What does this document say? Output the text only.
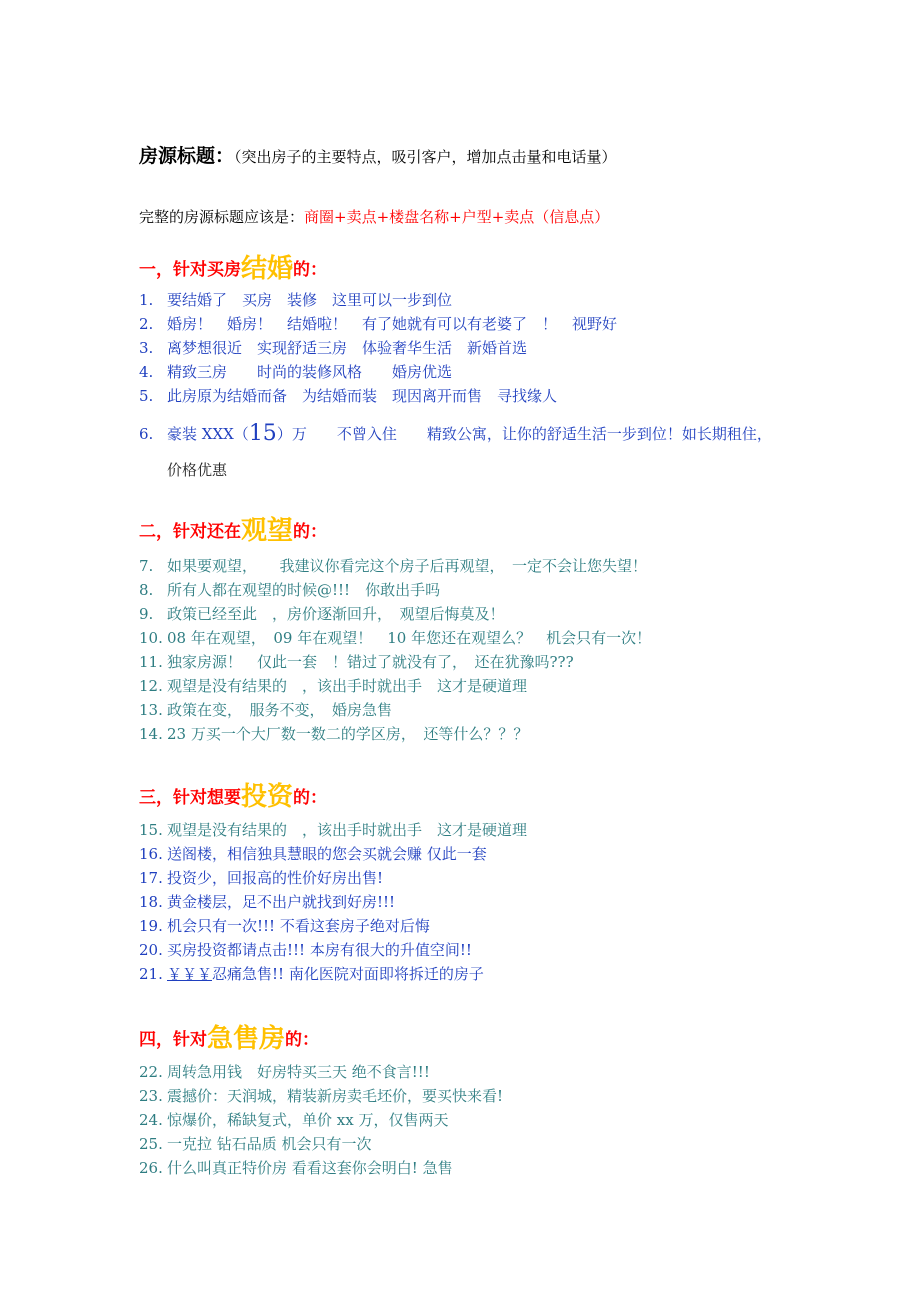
房源标题：（突出房子的主要特点，吸引客户，增加点击量和电话量）
完整的房源标题应该是：商圈+卖点+楼盘名称+户型+卖点（信息点）
一，针对买房结婚的：
1. 要结婚了　买房　装修　这里可以一步到位
2. 婚房！　婚房！　结婚啦！　有了她就有可以有老婆了　！　视野好
3. 离梦想很近　实现舒适三房　体验奢华生活　新婚首选
4. 精致三房　　时尚的装修风格　　婚房优选
5. 此房原为结婚而备　为结婚而装　现因离开而售　寻找缘人
6. 豪装 XXX（15）万　　不曾入住　　精致公寓，让你的舒适生活一步到位！如长期租住，
价格优惠
二，针对还在观望的：
7. 如果要观望，　　我建议你看完这个房子后再观望，　一定不会让您失望！
8. 所有人都在观望的时候@!!!　你敢出手吗
9. 政策已经至此　，房价逐渐回升，　观望后悔莫及！
10. 08 年在观望，　09 年在观望！　10 年您还在观望么？　机会只有一次！
11. 独家房源！　仅此一套　！错过了就没有了，　还在犹豫吗???
12. 观望是没有结果的　，该出手时就出手　这才是硬道理
13. 政策在变，　服务不变，　婚房急售
14. 23 万买一个大厂数一数二的学区房，　还等什么？？？
三，针对想要投资的：
15. 观望是没有结果的　，该出手时就出手　这才是硬道理
16. 送阁楼，相信独具慧眼的您会买就会赚 仅此一套
17. 投资少，回报高的性价好房出售!
18. 黄金楼层，足不出户就找到好房!!!
19. 机会只有一次!!! 不看这套房子绝对后悔
20. 买房投资都请点击!!! 本房有很大的升值空间!!
21. ￥￥￥忍痛急售!! 南化医院对面即将拆迁的房子
四，针对急售房的：
22. 周转急用钱　好房特买三天 绝不食言!!!
23. 震撼价：天润城，精装新房卖毛坯价，要买快来看!
24. 惊爆价，稀缺复式，单价 xx 万，仅售两天
25. 一克拉 钻石品质 机会只有一次
26. 什么叫真正特价房 看看这套你会明白! 急售
